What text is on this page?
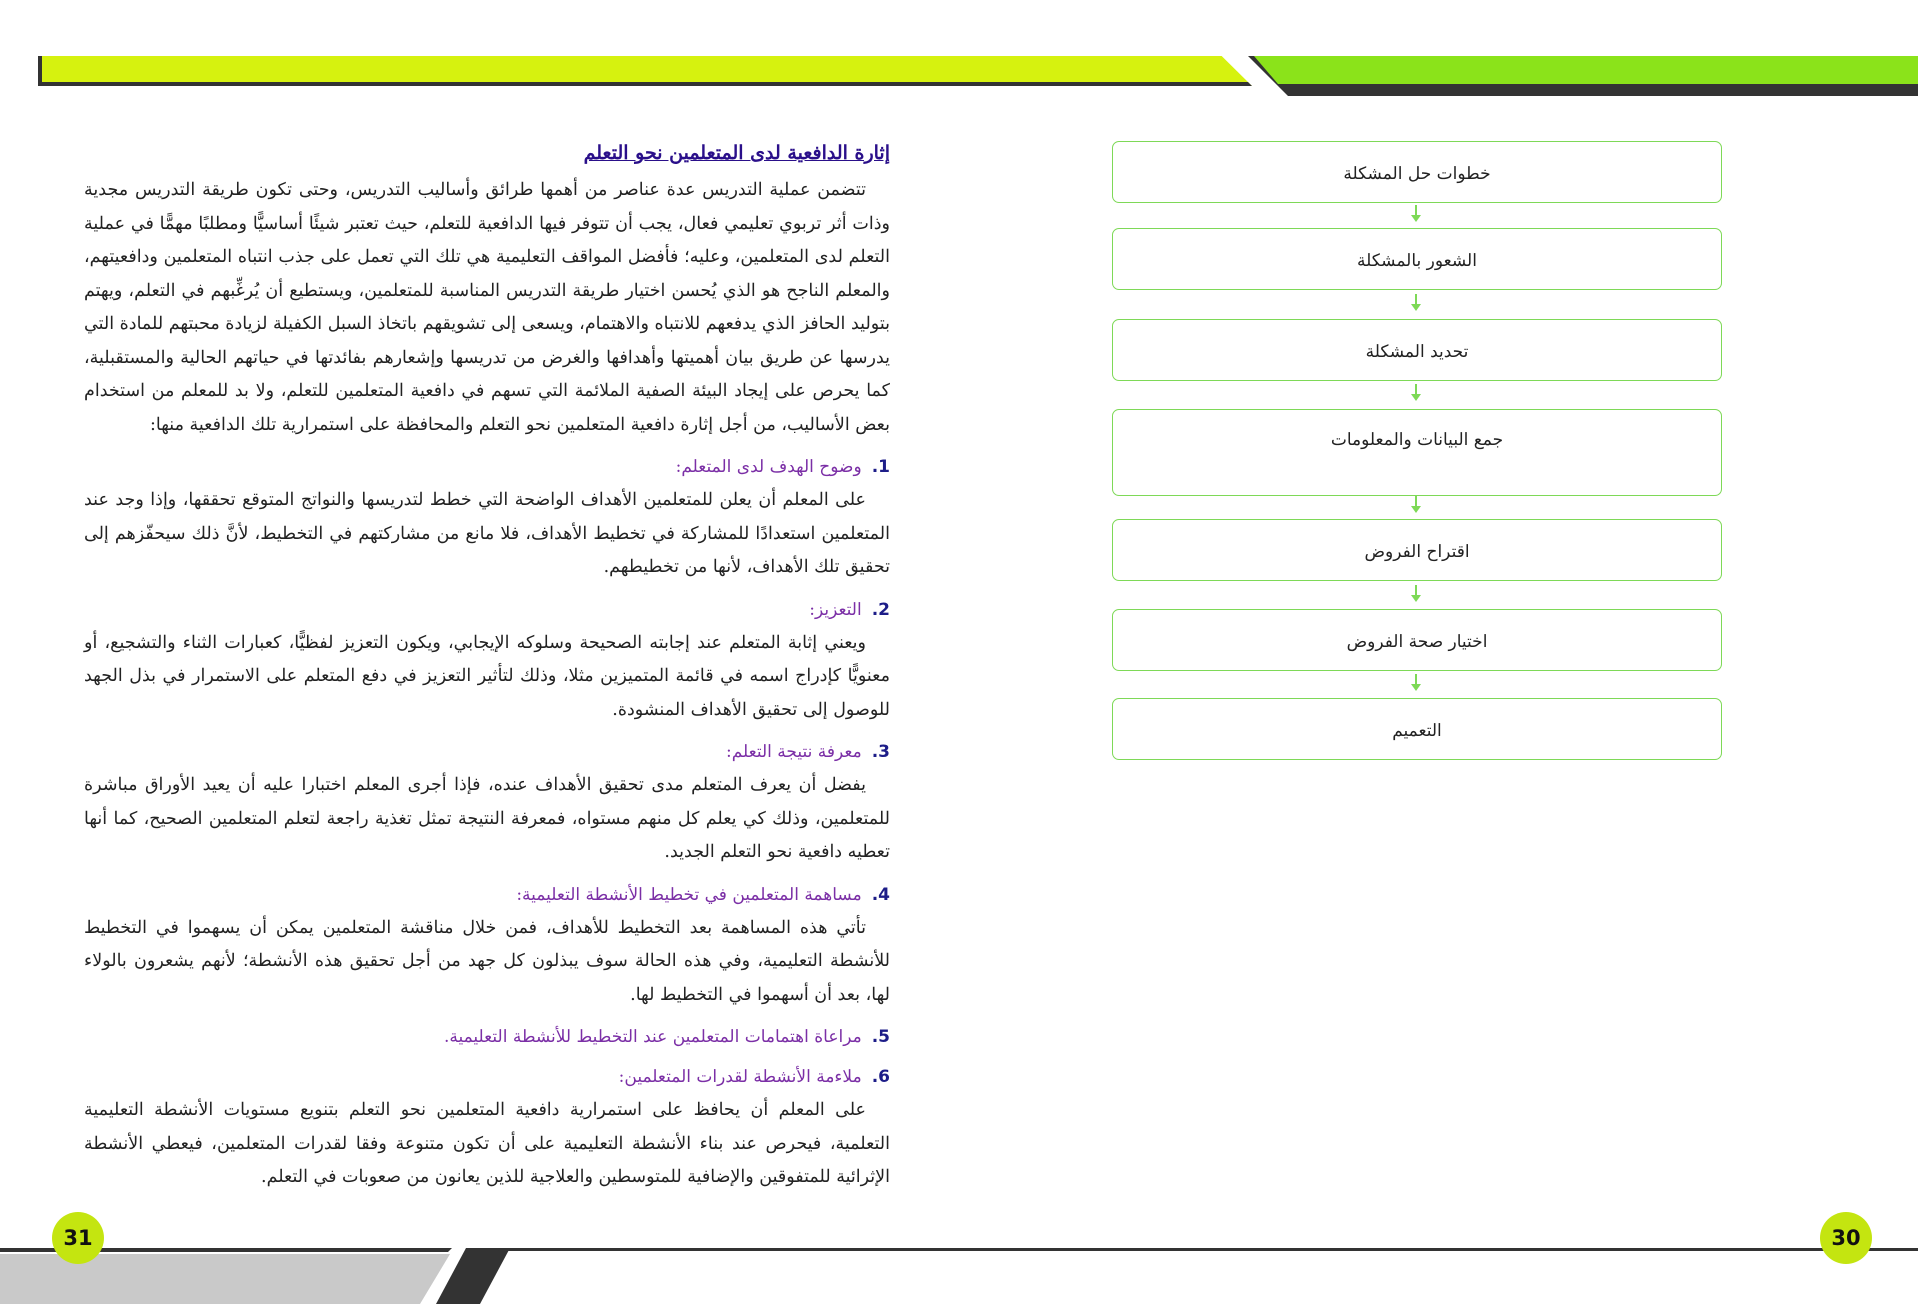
إثارة الدافعية لدى المتعلمين نحو التعلم

تتضمن عملية التدريس عدة عناصر من أهمها طرائق وأساليب التدريس، وحتى تكون طريقة التدريس مجدية وذات أثر تربوي تعليمي فعال، يجب أن تتوفر فيها الدافعية للتعلم، حيث تعتبر شيئًا أساسيًّا ومطلبًا مهمًّا في عملية التعلم لدى المتعلمين، وعليه؛ فأفضل المواقف التعليمية هي تلك التي تعمل على جذب انتباه المتعلمين ودافعيتهم، والمعلم الناجح هو الذي يُحسن اختيار طريقة التدريس المناسبة للمتعلمين، ويستطيع أن يُرغِّبهم في التعلم، ويهتم بتوليد الحافز الذي يدفعهم للانتباه والاهتمام، ويسعى إلى تشويقهم باتخاذ السبل الكفيلة لزيادة محبتهم للمادة التي يدرسها عن طريق بيان أهميتها وأهدافها والغرض من تدريسها وإشعارهم بفائدتها في حياتهم الحالية والمستقبلية، كما يحرص على إيجاد البيئة الصفية الملائمة التي تسهم في دافعية المتعلمين للتعلم، ولا بد للمعلم من استخدام بعض الأساليب، من أجل إثارة دافعية المتعلمين نحو التعلم والمحافظة على استمرارية تلك الدافعية منها:

1.وضوح الهدف لدى المتعلم:

على المعلم أن يعلن للمتعلمين الأهداف الواضحة التي خطط لتدريسها والنواتج المتوقع تحققها، وإذا وجد عند المتعلمين استعدادًا للمشاركة في تخطيط الأهداف، فلا مانع من مشاركتهم في التخطيط، لأنَّ ذلك سيحفّزهم إلى تحقيق تلك الأهداف، لأنها من تخطيطهم.

2.التعزيز:

ويعني إثابة المتعلم عند إجابته الصحيحة وسلوكه الإيجابي، ويكون التعزيز لفظيًّا، كعبارات الثناء والتشجيع، أو معنويًّا كإدراج اسمه في قائمة المتميزين مثلا، وذلك لتأثير التعزيز في دفع المتعلم على الاستمرار في بذل الجهد للوصول إلى تحقيق الأهداف المنشودة.

3.معرفة نتيجة التعلم:

يفضل أن يعرف المتعلم مدى تحقيق الأهداف عنده، فإذا أجرى المعلم اختبارا عليه أن يعيد الأوراق مباشرة للمتعلمين، وذلك كي يعلم كل منهم مستواه، فمعرفة النتيجة تمثل تغذية راجعة لتعلم المتعلمين الصحيح، كما أنها تعطيه دافعية نحو التعلم الجديد.

4.مساهمة المتعلمين في تخطيط الأنشطة التعليمية:

تأتي هذه المساهمة بعد التخطيط للأهداف، فمن خلال مناقشة المتعلمين يمكن أن يسهموا في التخطيط للأنشطة التعليمية، وفي هذه الحالة سوف يبذلون كل جهد من أجل تحقيق هذه الأنشطة؛ لأنهم يشعرون بالولاء لها، بعد أن أسهموا في التخطيط لها.

5.مراعاة اهتمامات المتعلمين عند التخطيط للأنشطة التعليمية.
6.ملاءمة الأنشطة لقدرات المتعلمين:

على المعلم أن يحافظ على استمرارية دافعية المتعلمين نحو التعلم بتنويع مستويات الأنشطة التعليمية التعلمية، فيحرص عند بناء الأنشطة التعليمية على أن تكون متنوعة وفقا لقدرات المتعلمين، فيعطي الأنشطة الإثرائية للمتفوقين والإضافية للمتوسطين والعلاجية للذين يعانون من صعوبات في التعلم.

خطوات حل المشكلة
الشعور بالمشكلة
تحديد المشكلة
جمع البيانات والمعلومات
اقتراح الفروض
اختيار صحة الفروض
التعميم
31	30
